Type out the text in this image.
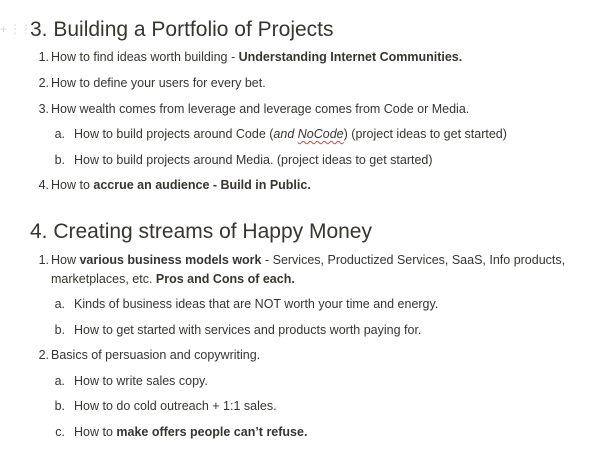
+ ⋮⋮
3. Building a Portfolio of Projects
1. How to find ideas worth building - Understanding Internet Communities.
2. How to define your users for every bet.
3. How wealth comes from leverage and leverage comes from Code or Media.
a. How to build projects around Code (and NoCode) (project ideas to get started)
b. How to build projects around Media. (project ideas to get started)
4. How to accrue an audience - Build in Public.
4. Creating streams of Happy Money
1. How various business models work - Services, Productized Services, SaaS, Info products,
marketplaces, etc. Pros and Cons of each.
a. Kinds of business ideas that are NOT worth your time and energy.
b. How to get started with services and products worth paying for.
2. Basics of persuasion and copywriting.
a. How to write sales copy.
b. How to do cold outreach + 1:1 sales.
c. How to make offers people can’t refuse.
